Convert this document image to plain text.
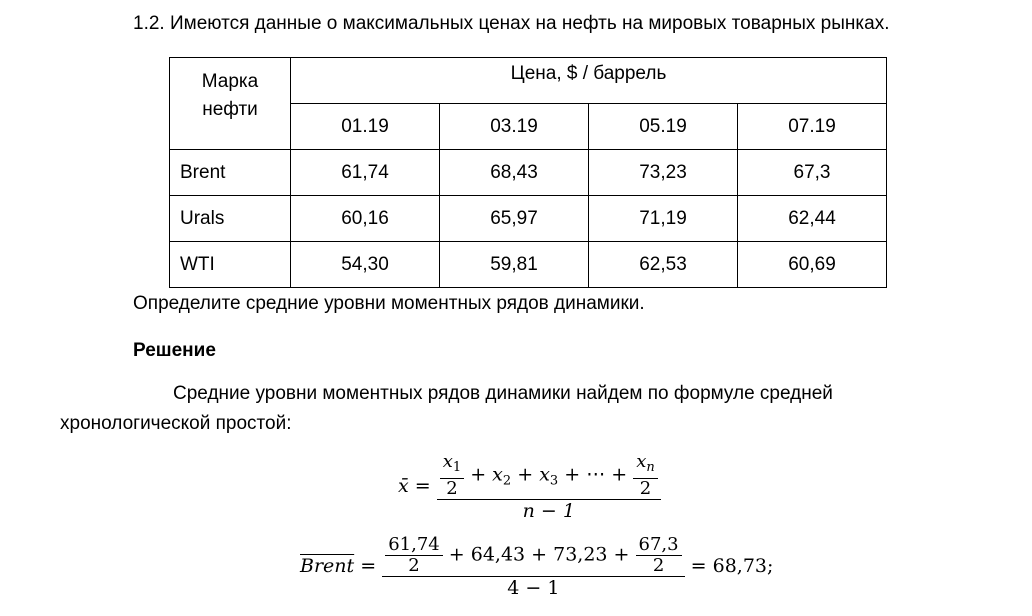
1.2. Имеются данные о максимальных ценах на нефть на мировых товарных рынках.
Марка
нефти	Цена, $ / баррель			
	01.19	03.19	05.19	07.19
Brent	61,74	68,43	73,23	67,3
Urals	60,16	65,97	71,19	62,44
WTI	54,30	59,81	62,53	60,69
Определите средние уровни моментных рядов динамики.
Решение
Средние уровни моментных рядов динамики найдем по формуле средней
хронологической простой:
x̄ = $\frac{x_1}{2} + x_2 + x_3$ + ⋯ + $\frac{x_n}{2}$
n − 1
Brent = $\frac{61,74}{2} + 64,43 + 73,23 + \frac{67,3}{2}$
4 − 1
= 68,73;
